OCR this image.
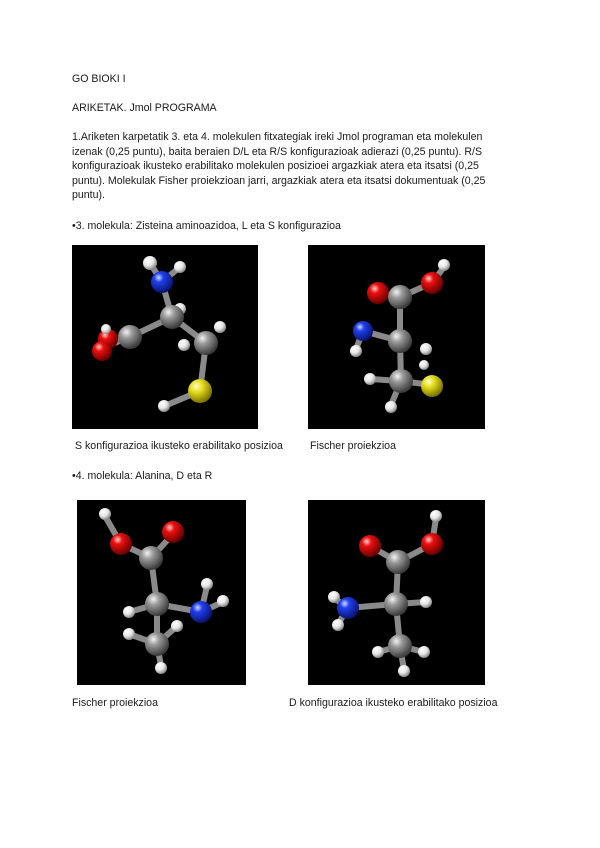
GO BIOKI I
ARIKETAK. Jmol PROGRAMA
1.Ariketen karpetatik 3. eta 4. molekulen fitxategiak ireki Jmol programan eta molekulen
izenak (0,25 puntu), baita beraien D/L eta R/S konfigurazioak adierazi (0,25 puntu). R/S
konfigurazioak ikusteko erabilitako molekulen posizioei argazkiak atera eta itsatsi (0,25
puntu). Molekulak Fisher proiekzioan jarri, argazkiak atera eta itsatsi dokumentuak (0,25
puntu).
•3. molekula: Zisteina aminoazidoa, L eta S konfigurazioa
S konfigurazioa ikusteko erabilitako posizioa	Fischer proiekzioa
•4. molekula: Alanina, D eta R
Fischer proiekzioa	D konfigurazioa ikusteko erabilitako posizioa
